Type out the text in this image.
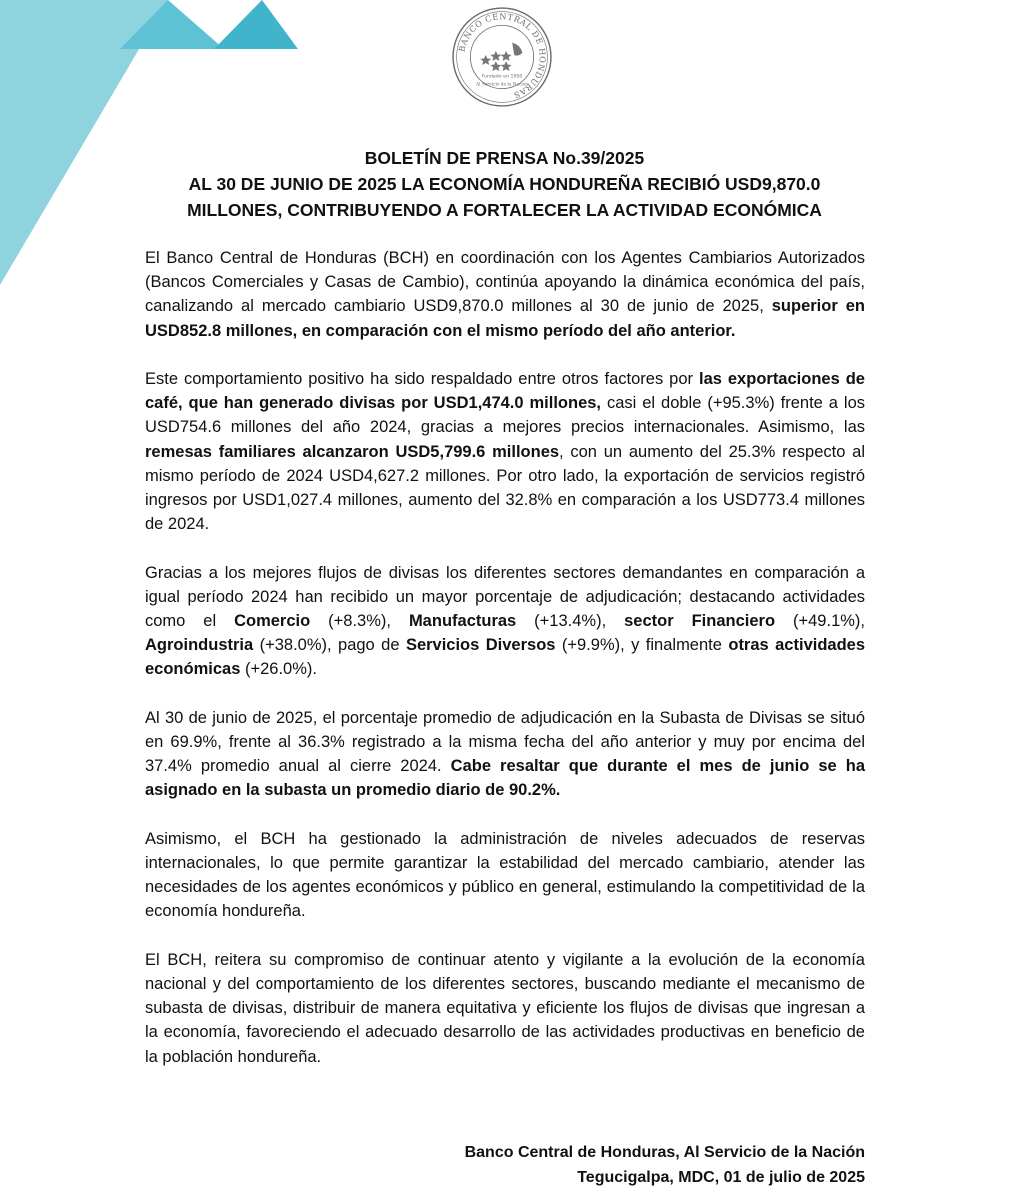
BANCO CENTRAL DE HONDURAS
Fundado en 1950
Al Servicio de la Nación
BOLETÍN DE PRENSA No.39/2025
AL 30 DE JUNIO DE 2025 LA ECONOMÍA HONDUREÑA RECIBIÓ USD9,870.0
MILLONES, CONTRIBUYENDO A FORTALECER LA ACTIVIDAD ECONÓMICA

El Banco Central de Honduras (BCH) en coordinación con los Agentes Cambiarios Autorizados (Bancos Comerciales y Casas de Cambio), continúa apoyando la dinámica económica del país, canalizando al mercado cambiario USD9,870.0 millones al 30 de junio de 2025, superior en USD852.8 millones, en comparación con el mismo período del año anterior.

Este comportamiento positivo ha sido respaldado entre otros factores por las exportaciones de café, que han generado divisas por USD1,474.0 millones, casi el doble (+95.3%) frente a los USD754.6 millones del año 2024, gracias a mejores precios internacionales. Asimismo, las remesas familiares alcanzaron USD5,799.6 millones, con un aumento del 25.3% respecto al mismo período de 2024 USD4,627.2 millones. Por otro lado, la exportación de servicios registró ingresos por USD1,027.4 millones, aumento del 32.8% en comparación a los USD773.4 millones de 2024.

Gracias a los mejores flujos de divisas los diferentes sectores demandantes en comparación a igual período 2024 han recibido un mayor porcentaje de adjudicación; destacando actividades como el Comercio (+8.3%), Manufacturas (+13.4%), sector Financiero (+49.1%), Agroindustria (+38.0%), pago de Servicios Diversos (+9.9%), y finalmente otras actividades económicas (+26.0%).

Al 30 de junio de 2025, el porcentaje promedio de adjudicación en la Subasta de Divisas se situó en 69.9%, frente al 36.3% registrado a la misma fecha del año anterior y muy por encima del 37.4% promedio anual al cierre 2024. Cabe resaltar que durante el mes de junio se ha asignado en la subasta un promedio diario de 90.2%.

Asimismo, el BCH ha gestionado la administración de niveles adecuados de reservas internacionales, lo que permite garantizar la estabilidad del mercado cambiario, atender las necesidades de los agentes económicos y público en general, estimulando la competitividad de la economía hondureña.

El BCH, reitera su compromiso de continuar atento y vigilante a la evolución de la economía nacional y del comportamiento de los diferentes sectores, buscando mediante el mecanismo de subasta de divisas, distribuir de manera equitativa y eficiente los flujos de divisas que ingresan a la economía, favoreciendo el adecuado desarrollo de las actividades productivas en beneficio de la población hondureña.

Banco Central de Honduras, Al Servicio de la Nación
Tegucigalpa, MDC, 01 de julio de 2025
